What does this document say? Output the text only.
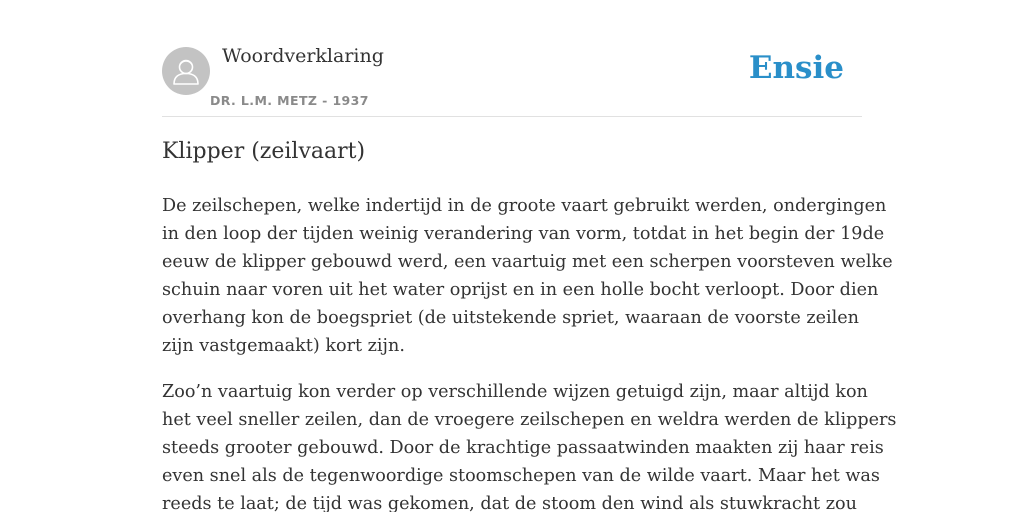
Woordverklaring
DR. L.M. METZ - 1937
Ensie
Klipper (zeilvaart)

De zeilschepen, welke indertijd in de groote vaart gebruikt werden, ondergingen
in den loop der tijden weinig verandering van vorm, totdat in het begin der 19de
eeuw de klipper gebouwd werd, een vaartuig met een scherpen voorsteven welke
schuin naar voren uit het water oprijst en in een holle bocht verloopt. Door dien
overhang kon de boegspriet (de uitstekende spriet, waaraan de voorste zeilen
zijn vastgemaakt) kort zijn.

Zoo’n vaartuig kon verder op verschillende wijzen getuigd zijn, maar altijd kon
het veel sneller zeilen, dan de vroegere zeilschepen en weldra werden de klippers
steeds grooter gebouwd. Door de krachtige passaatwinden maakten zij haar reis
even snel als de tegenwoordige stoomschepen van de wilde vaart. Maar het was
reeds te laat; de tijd was gekomen, dat de stoom den wind als stuwkracht zou
